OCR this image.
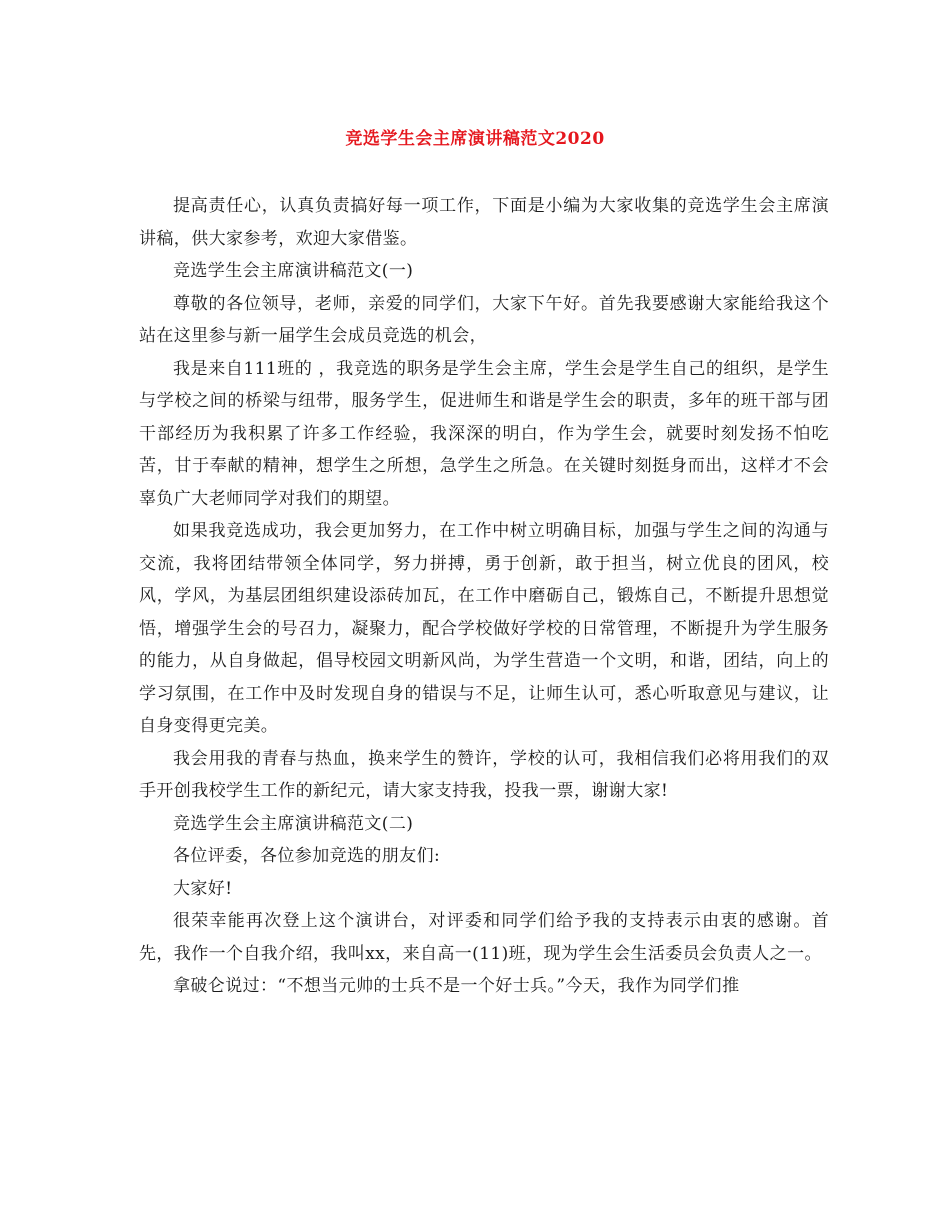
竞选学生会主席演讲稿范文2020

提高责任心，认真负责搞好每一项工作，下面是小编为大家收集的竞选学生会主席演讲稿，供大家参考，欢迎大家借鉴。

竞选学生会主席演讲稿范文(一)

尊敬的各位领导，老师，亲爱的同学们，大家下午好。首先我要感谢大家能给我这个站在这里参与新一届学生会成员竞选的机会，

我是来自111班的 ，我竞选的职务是学生会主席，学生会是学生自己的组织，是学生与学校之间的桥梁与纽带，服务学生，促进师生和谐是学生会的职责，多年的班干部与团干部经历为我积累了许多工作经验，我深深的明白，作为学生会，就要时刻发扬不怕吃苦，甘于奉献的精神，想学生之所想，急学生之所急。在关键时刻挺身而出，这样才不会辜负广大老师同学对我们的期望。

如果我竞选成功，我会更加努力，在工作中树立明确目标，加强与学生之间的沟通与交流，我将团结带领全体同学，努力拼搏，勇于创新，敢于担当，树立优良的团风，校风，学风，为基层团组织建设添砖加瓦，在工作中磨砺自己，锻炼自己，不断提升思想觉悟，增强学生会的号召力，凝聚力，配合学校做好学校的日常管理，不断提升为学生服务的能力，从自身做起，倡导校园文明新风尚，为学生营造一个文明，和谐，团结，向上的学习氛围，在工作中及时发现自身的错误与不足，让师生认可，悉心听取意见与建议，让自身变得更完美。

我会用我的青春与热血，换来学生的赞许，学校的认可，我相信我们必将用我们的双手开创我校学生工作的新纪元，请大家支持我，投我一票，谢谢大家!

竞选学生会主席演讲稿范文(二)

各位评委，各位参加竞选的朋友们:

大家好!

很荣幸能再次登上这个演讲台，对评委和同学们给予我的支持表示由衷的感谢。首先，我作一个自我介绍，我叫xx，来自高一(11)班，现为学生会生活委员会负责人之一。

拿破仑说过：“不想当元帅的士兵不是一个好士兵。”今天，我作为同学们推
